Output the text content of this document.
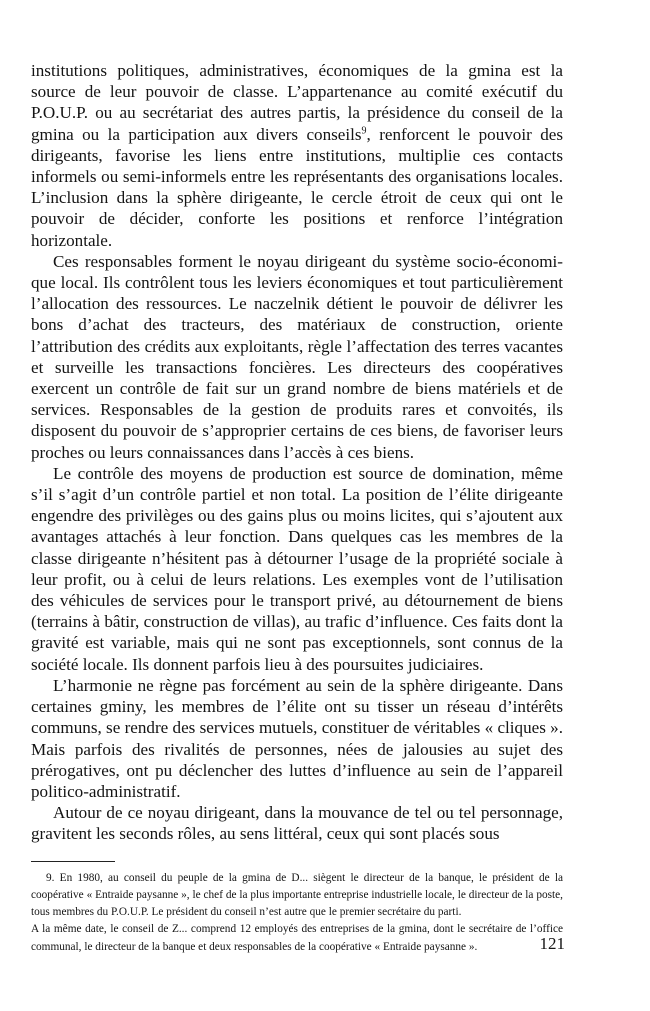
institutions politiques, administratives, économiques de la gmina est la source de leur pouvoir de classe. L’appartenance au comité exécutif du P.O.U.P. ou au secrétariat des autres partis, la présidence du conseil de la gmina ou la participation aux divers conseils$^9$, renforcent le pouvoir des dirigeants, favorise les liens entre institutions, multiplie ces contacts informels ou semi-informels entre les représentants des organisations locales. L’inclusion dans la sphère dirigeante, le cercle étroit de ceux qui ont le pouvoir de décider, conforte les positions et renforce l’intégration horizontale.

Ces responsables forment le noyau dirigeant du système socio-économique local. Ils contrôlent tous les leviers économiques et tout particulièrement l’allocation des ressources. Le naczelnik détient le pouvoir de délivrer les bons d’achat des tracteurs, des matériaux de construction, oriente l’attribution des crédits aux exploitants, règle l’affectation des terres vacantes et surveille les transactions foncières. Les directeurs des coopératives exercent un contrôle de fait sur un grand nombre de biens matériels et de services. Responsables de la gestion de produits rares et convoités, ils disposent du pouvoir de s’approprier certains de ces biens, de favoriser leurs proches ou leurs connaissances dans l’accès à ces biens.

Le contrôle des moyens de production est source de domination, même s’il s’agit d’un contrôle partiel et non total. La position de l’élite dirigeante engendre des privilèges ou des gains plus ou moins licites, qui s’ajoutent aux avantages attachés à leur fonction. Dans quelques cas les membres de la classe dirigeante n’hésitent pas à détourner l’usage de la propriété sociale à leur profit, ou à celui de leurs relations. Les exemples vont de l’utilisation des véhicules de services pour le transport privé, au détournement de biens (terrains à bâtir, construction de villas), au trafic d’influence. Ces faits dont la gravité est variable, mais qui ne sont pas exceptionnels, sont connus de la société locale. Ils donnent parfois lieu à des poursuites judiciaires.

L’harmonie ne règne pas forcément au sein de la sphère dirigeante. Dans certaines gminy, les membres de l’élite ont su tisser un réseau d’intérêts communs, se rendre des services mutuels, constituer de véritables « cliques ». Mais parfois des rivalités de personnes, nées de jalousies au sujet des prérogatives, ont pu déclencher des luttes d’influence au sein de l’appareil politico-administratif.

Autour de ce noyau dirigeant, dans la mouvance de tel ou tel personnage, gravitent les seconds rôles, au sens littéral, ceux qui sont placés sous

9. En 1980, au conseil du peuple de la gmina de D... siègent le directeur de la banque, le président de la coopérative « Entraide paysanne », le chef de la plus importante entreprise industrielle locale, le directeur de la poste, tous membres du P.O.U.P. Le président du conseil n’est autre que le premier secrétaire du parti.

A la même date, le conseil de Z... comprend 12 employés des entreprises de la gmina, dont le secrétaire de l’office communal, le directeur de la banque et deux responsables de la coopérative « Entraide paysanne ».	121
